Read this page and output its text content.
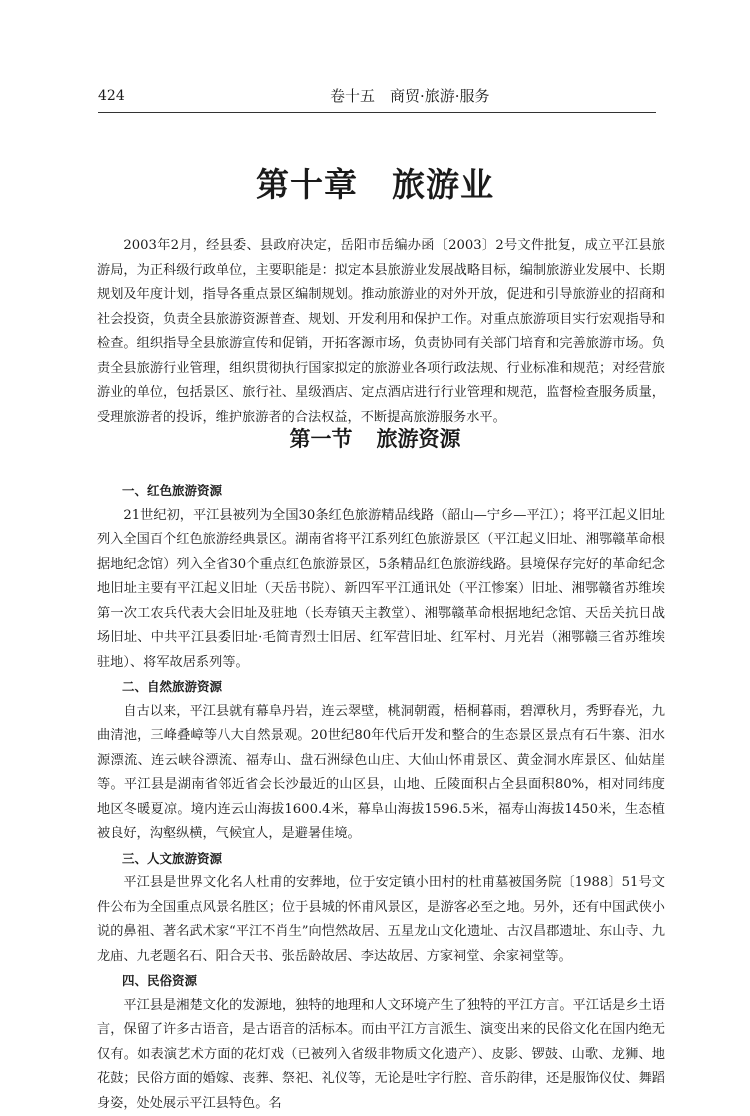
424	卷十五　商贸·旅游·服务
第十章 旅游业

2003年2月，经县委、县政府决定，岳阳市岳编办函〔2003〕2号文件批复，成立平江县旅游局，为正科级行政单位，主要职能是：拟定本县旅游业发展战略目标，编制旅游业发展中、长期规划及年度计划，指导各重点景区编制规划。推动旅游业的对外开放，促进和引导旅游业的招商和社会投资，负责全县旅游资源普查、规划、开发利用和保护工作。对重点旅游项目实行宏观指导和检查。组织指导全县旅游宣传和促销，开拓客源市场，负责协同有关部门培育和完善旅游市场。负责全县旅游行业管理，组织贯彻执行国家拟定的旅游业各项行政法规、行业标准和规范；对经营旅游业的单位，包括景区、旅行社、星级酒店、定点酒店进行行业管理和规范，监督检查服务质量，受理旅游者的投诉，维护旅游者的合法权益，不断提高旅游服务水平。

第一节 旅游资源
一、红色旅游资源

21世纪初，平江县被列为全国30条红色旅游精品线路（韶山—宁乡—平江）；将平江起义旧址列入全国百个红色旅游经典景区。湖南省将平江系列红色旅游景区（平江起义旧址、湘鄂赣革命根据地纪念馆）列入全省30个重点红色旅游景区，5条精品红色旅游线路。县境保存完好的革命纪念地旧址主要有平江起义旧址（天岳书院）、新四军平江通讯处（平江惨案）旧址、湘鄂赣省苏维埃第一次工农兵代表大会旧址及驻地（长寿镇天主教堂）、湘鄂赣革命根据地纪念馆、天岳关抗日战场旧址、中共平江县委旧址·毛简青烈士旧居、红军营旧址、红军村、月光岩（湘鄂赣三省苏维埃驻地）、将军故居系列等。

二、自然旅游资源

自古以来，平江县就有幕阜丹岩，连云翠壁，桃洞朝霞，梧桐暮雨，碧潭秋月，秀野春光，九曲清池，三峰叠嶂等八大自然景观。20世纪80年代后开发和整合的生态景区景点有石牛寨、汨水源漂流、连云峡谷漂流、福寿山、盘石洲绿色山庄、大仙山怀甫景区、黄金洞水库景区、仙姑崖等。平江县是湖南省邻近省会长沙最近的山区县，山地、丘陵面积占全县面积80%，相对同纬度地区冬暖夏凉。境内连云山海拔1600.4米，幕阜山海拔1596.5米，福寿山海拔1450米，生态植被良好，沟壑纵横，气候宜人，是避暑佳境。

三、人文旅游资源

平江县是世界文化名人杜甫的安葬地，位于安定镇小田村的杜甫墓被国务院〔1988〕51号文件公布为全国重点风景名胜区；位于县城的怀甫风景区，是游客必至之地。另外，还有中国武侠小说的鼻祖、著名武术家“平江不肖生”向恺然故居、五星龙山文化遗址、古汉昌郡遗址、东山寺、九龙庙、九老题名石、阳合天书、张岳龄故居、李达故居、方家祠堂、余家祠堂等。

四、民俗资源

平江县是湘楚文化的发源地，独特的地理和人文环境产生了独特的平江方言。平江话是乡土语言，保留了许多古语音，是古语音的活标本。而由平江方言派生、演变出来的民俗文化在国内绝无仅有。如表演艺术方面的花灯戏（已被列入省级非物质文化遗产）、皮影、锣鼓、山歌、龙狮、地花鼓；民俗方面的婚嫁、丧葬、祭祀、礼仪等，无论是吐字行腔、音乐韵律，还是服饰仪仗、舞蹈身姿，处处展示平江县特色。名
